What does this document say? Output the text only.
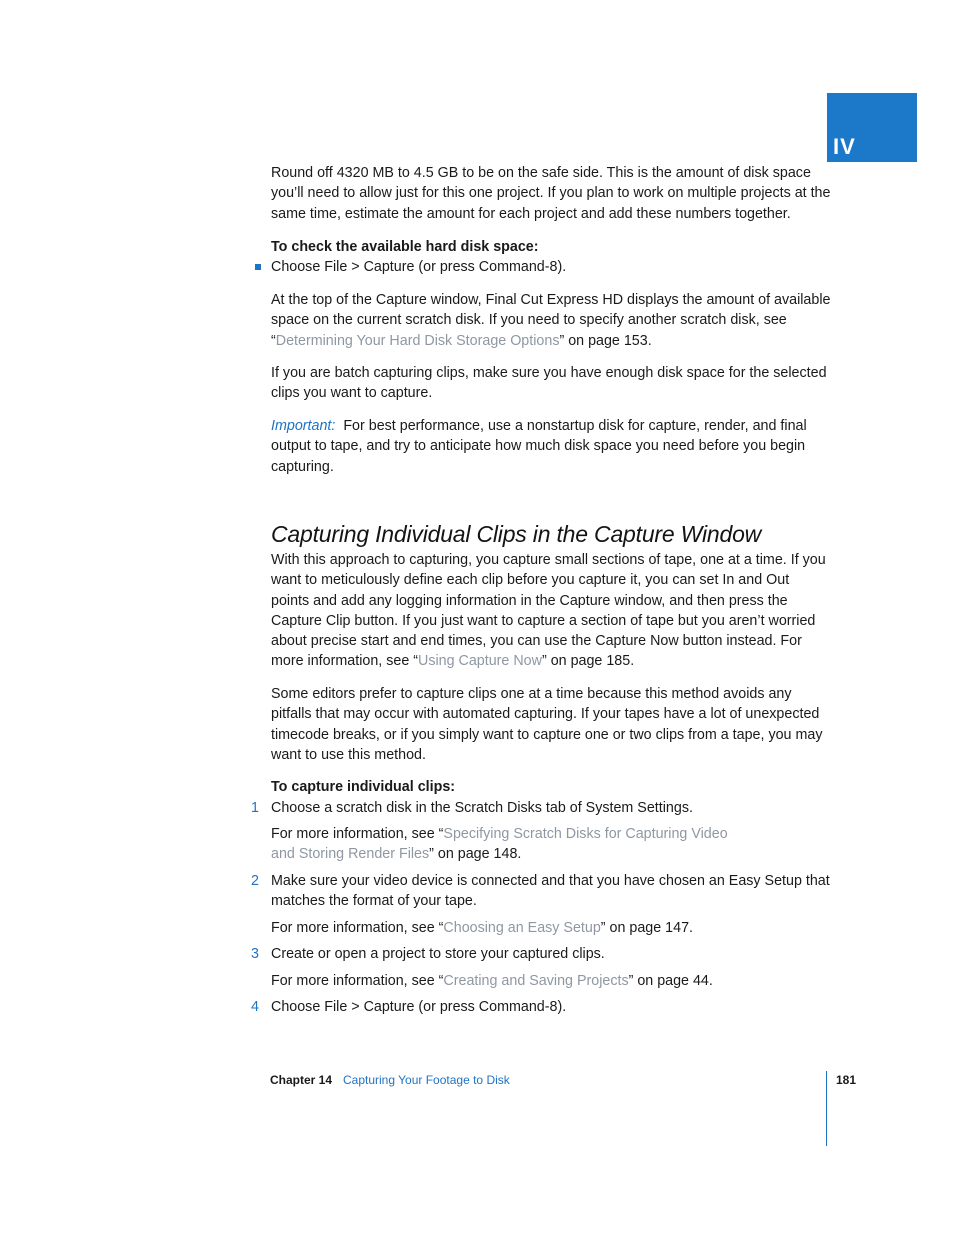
IV

Round off 4320 MB to 4.5 GB to be on the safe side. This is the amount of disk space you’ll need to allow just for this one project. If you plan to work on multiple projects at the same time, estimate the amount for each project and add these numbers together.

To check the available hard disk space:

Choose File > Capture (or press Command-8).

At the top of the Capture window, Final Cut Express HD displays the amount of available space on the current scratch disk. If you need to specify another scratch disk, see “Determining Your Hard Disk Storage Options” on page 153.

If you are batch capturing clips, make sure you have enough disk space for the selected clips you want to capture.

Important: For best performance, use a nonstartup disk for capture, render, and final output to tape, and try to anticipate how much disk space you need before you begin capturing.

Capturing Individual Clips in the Capture Window

With this approach to capturing, you capture small sections of tape, one at a time. If you want to meticulously define each clip before you capture it, you can set In and Out points and add any logging information in the Capture window, and then press the Capture Clip button. If you just want to capture a section of tape but you aren’t worried about precise start and end times, you can use the Capture Now button instead. For more information, see “Using Capture Now” on page 185.

Some editors prefer to capture clips one at a time because this method avoids any pitfalls that may occur with automated capturing. If your tapes have a lot of unexpected timecode breaks, or if you simply want to capture one or two clips from a tape, you may want to use this method.

To capture individual clips:

1 Choose a scratch disk in the Scratch Disks tab of System Settings.

For more information, see “Specifying Scratch Disks for Capturing Video
and Storing Render Files” on page 148.

2 Make sure your video device is connected and that you have chosen an Easy Setup that matches the format of your tape.

For more information, see “Choosing an Easy Setup” on page 147.

3 Create or open a project to store your captured clips.

For more information, see “Creating and Saving Projects” on page 44.

4 Choose File > Capture (or press Command-8).

Chapter 14 Capturing Your Footage to Disk	181
